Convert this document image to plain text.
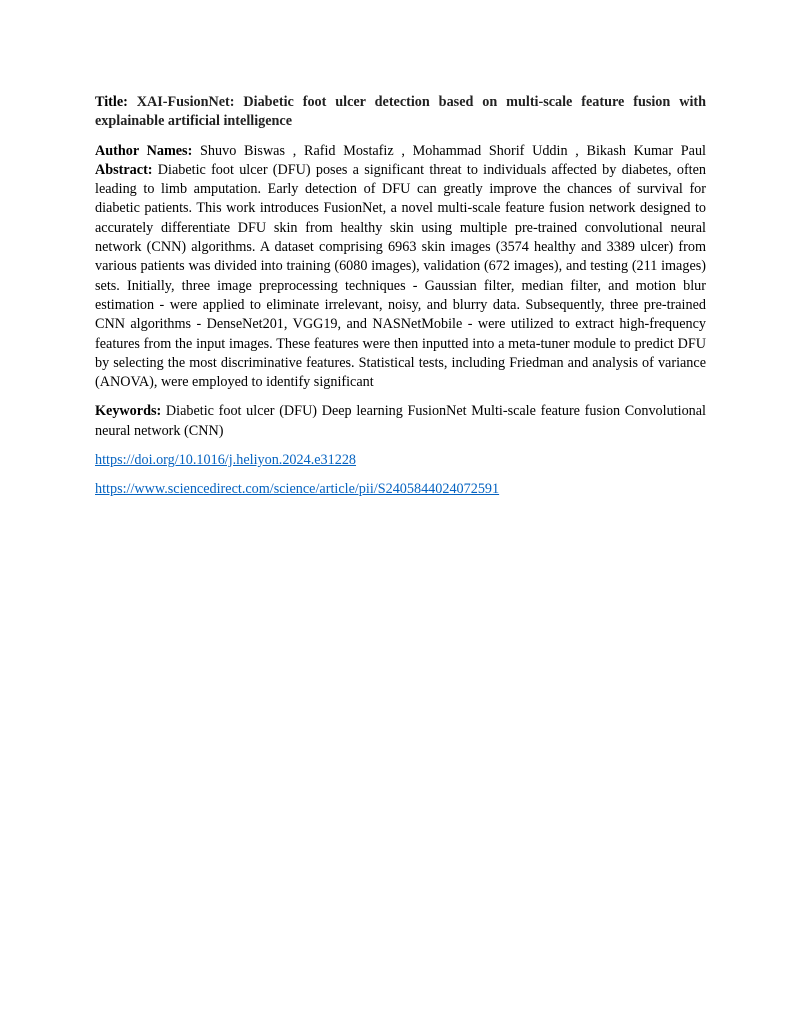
Title: XAI-FusionNet: Diabetic foot ulcer detection based on multi-scale feature fusion with explainable artificial intelligence

Author Names: Shuvo Biswas , Rafid Mostafiz , Mohammad Shorif Uddin , Bikash Kumar Paul

Abstract: Diabetic foot ulcer (DFU) poses a significant threat to individuals affected by diabetes, often leading to limb amputation. Early detection of DFU can greatly improve the chances of survival for diabetic patients. This work introduces FusionNet, a novel multi-scale feature fusion network designed to accurately differentiate DFU skin from healthy skin using multiple pre-trained convolutional neural network (CNN) algorithms. A dataset comprising 6963 skin images (3574 healthy and 3389 ulcer) from various patients was divided into training (6080 images), validation (672 images), and testing (211 images) sets. Initially, three image preprocessing techniques - Gaussian filter, median filter, and motion blur estimation - were applied to eliminate irrelevant, noisy, and blurry data. Subsequently, three pre-trained CNN algorithms - DenseNet201, VGG19, and NASNetMobile - were utilized to extract high-frequency features from the input images. These features were then inputted into a meta-tuner module to predict DFU by selecting the most discriminative features. Statistical tests, including Friedman and analysis of variance (ANOVA), were employed to identify significant

Keywords: Diabetic foot ulcer (DFU) Deep learning FusionNet Multi-scale feature fusion Convolutional neural network (CNN)

https://doi.org/10.1016/j.heliyon.2024.e31228
https://www.sciencedirect.com/science/article/pii/S2405844024072591
